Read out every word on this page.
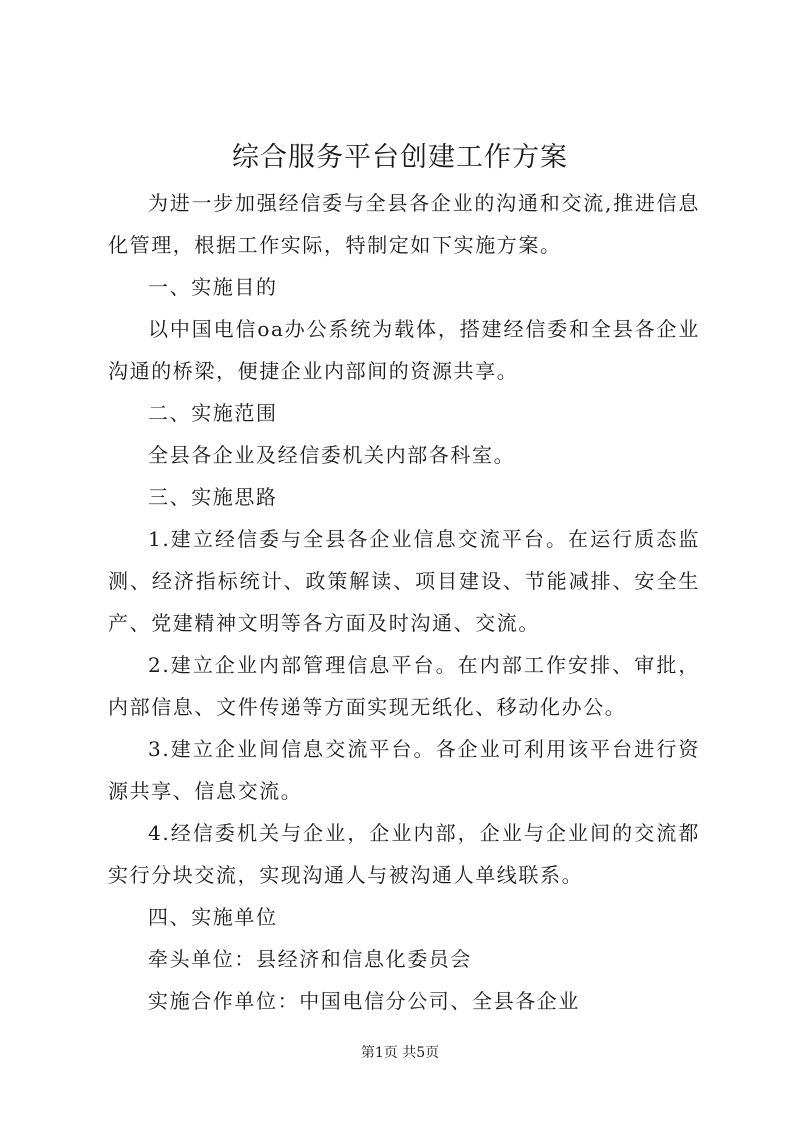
综合服务平台创建工作方案

为进一步加强经信委与全县各企业的沟通和交流,推进信息化管理，根据工作实际，特制定如下实施方案。

一、实施目的

以中国电信oa办公系统为载体，搭建经信委和全县各企业沟通的桥梁，便捷企业内部间的资源共享。

二、实施范围

全县各企业及经信委机关内部各科室。

三、实施思路

1.建立经信委与全县各企业信息交流平台。在运行质态监测、经济指标统计、政策解读、项目建设、节能减排、安全生产、党建精神文明等各方面及时沟通、交流。

2.建立企业内部管理信息平台。在内部工作安排、审批，内部信息、文件传递等方面实现无纸化、移动化办公。

3.建立企业间信息交流平台。各企业可利用该平台进行资源共享、信息交流。

4.经信委机关与企业，企业内部，企业与企业间的交流都实行分块交流，实现沟通人与被沟通人单线联系。

四、实施单位

牵头单位：县经济和信息化委员会

实施合作单位：中国电信分公司、全县各企业

第1页 共5页
